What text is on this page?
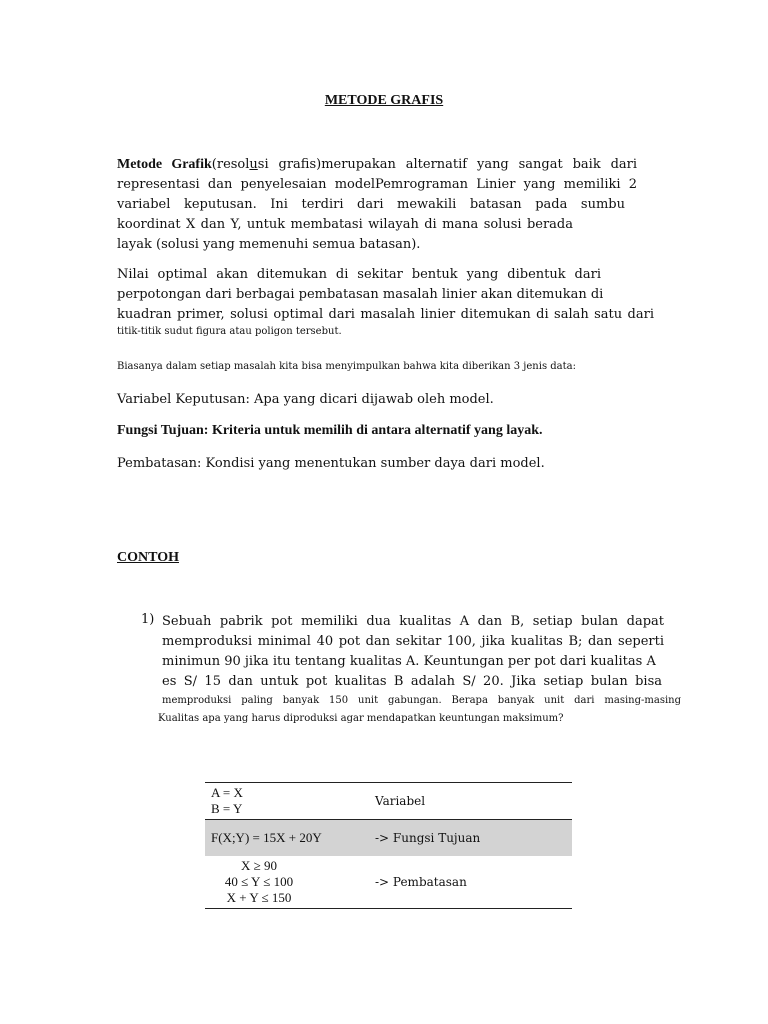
METODE GRAFIS
Metode Grafik(resolusi grafis)merupakan alternatif yang sangat baik dari
representasi dan penyelesaian modelPemrograman Linier yang memiliki 2
variabel keputusan. Ini terdiri dari mewakili batasan pada sumbu
koordinat X dan Y, untuk membatasi wilayah di mana solusi berada
layak (solusi yang memenuhi semua batasan).
Nilai optimal akan ditemukan di sekitar bentuk yang dibentuk dari
perpotongan dari berbagai pembatasan masalah linier akan ditemukan di
kuadran primer, solusi optimal dari masalah linier ditemukan di salah satu dari
titik-titik sudut figura atau poligon tersebut.
Biasanya dalam setiap masalah kita bisa menyimpulkan bahwa kita diberikan 3 jenis data:
Variabel Keputusan: Apa yang dicari dijawab oleh model.
Fungsi Tujuan: Kriteria untuk memilih di antara alternatif yang layak.
Pembatasan: Kondisi yang menentukan sumber daya dari model.
CONTOH
1) Sebuah pabrik pot memiliki dua kualitas A dan B, setiap bulan dapat
memproduksi minimal 40 pot dan sekitar 100, jika kualitas B; dan seperti
minimun 90 jika itu tentang kualitas A. Keuntungan per pot dari kualitas A
es S/ 15 dan untuk pot kualitas B adalah S/ 20. Jika setiap bulan bisa
memproduksi paling banyak 150 unit gabungan. Berapa banyak unit dari masing-masing
Kualitas apa yang harus diproduksi agar mendapatkan keuntungan maksimum?
A = X
B = Y	Variabel
F(X;Y) = 15X + 20Y	-> Fungsi Tujuan

X ≥ 90
40 ≤ Y ≤ 100
X + Y ≤ 150	-> Pembatasan
